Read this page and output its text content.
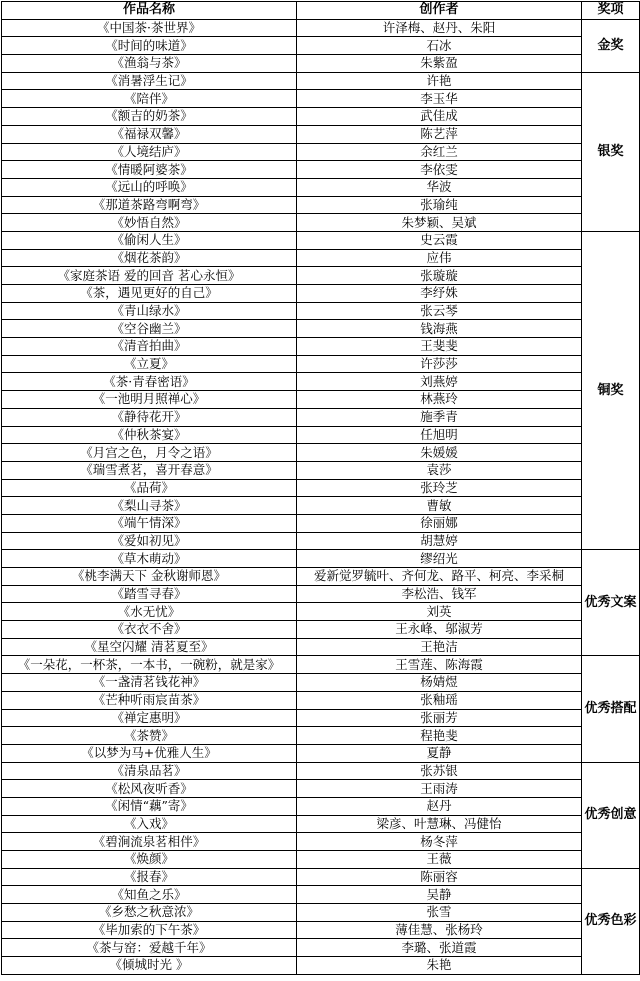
作品名称	创作者	奖项
《中国茶·茶世界》	许泽梅、赵丹、朱阳	金奖
《时间的味道》	石冰	
《渔翁与茶》	朱紫盈	
《消暑浮生记》	许艳	银奖
《陪伴》	李玉华	
《额吉的奶茶》	武佳成	
《福禄双馨》	陈艺萍	
《人境结庐》	余红兰	
《情暖阿婆茶》	李依雯	
《远山的呼唤》	华波	
《那道茶路弯啊弯》	张瑜纯	
《妙悟自然》	朱梦颖、吴斌	
《偷闲人生》	史云霞	铜奖
《烟花茶韵》	应伟	
《家庭茶语 爱的回音 茗心永恒》	张璇璇	
《茶，遇见更好的自己》	李纾姝	
《青山绿水》	张云琴	
《空谷幽兰》	钱海燕	
《清音拍曲》	王斐斐	
《立夏》	许莎莎	
《茶·青春密语》	刘燕婷	
《一池明月照禅心》	林燕玲	
《静待花开》	施季青	
《仲秋茶宴》	任旭明	
《月宫之色，月令之语》	朱媛媛	
《瑞雪煮茗，喜开春意》	袁莎	
《品荷》	张玲芝	
《梨山寻茶》	曹敏	
《端午情深》	徐丽娜	
《爱如初见》	胡慧婷	
《草木萌动》	缪绍光	优秀文案
《桃李满天下 金秋谢师恩》	爱新觉罗毓叶、齐何龙、路平、柯亮、李采桐	
《踏雪寻春》	李松浩、钱军	
《水无忧》	刘英	
《衣衣不舍》	王永峰、邬淑芳	
《星空闪耀 清茗夏至》	王艳洁	
《一朵花，一杯茶，一本书，一碗粉，就是家》	王雪莲、陈海霞	优秀搭配
《一盏清茗钱花神》	杨婧煜	
《芒种听雨宸苗茶》	张釉瑶	
《禅定惠明》	张丽芳	
《茶赞》	程艳斐	
《以梦为马+优雅人生》	夏静	
《清泉品茗》	张苏银	优秀创意
《松风夜听香》	王雨涛	
《闲情“藕”寄》	赵丹	
《入戏》	梁彦、叶慧琳、冯健怡	
《碧涧流泉茗相伴》	杨冬萍	
《焕颜》	王薇	
《报春》	陈丽容	优秀色彩
《知鱼之乐》	吴静	
《乡愁之秋意浓》	张雪	
《毕加索的下午茶》	薄佳慧、张杨玲	
《茶与窑：爱越千年》	李璐、张道霞	
《倾城时光 》	朱艳	
